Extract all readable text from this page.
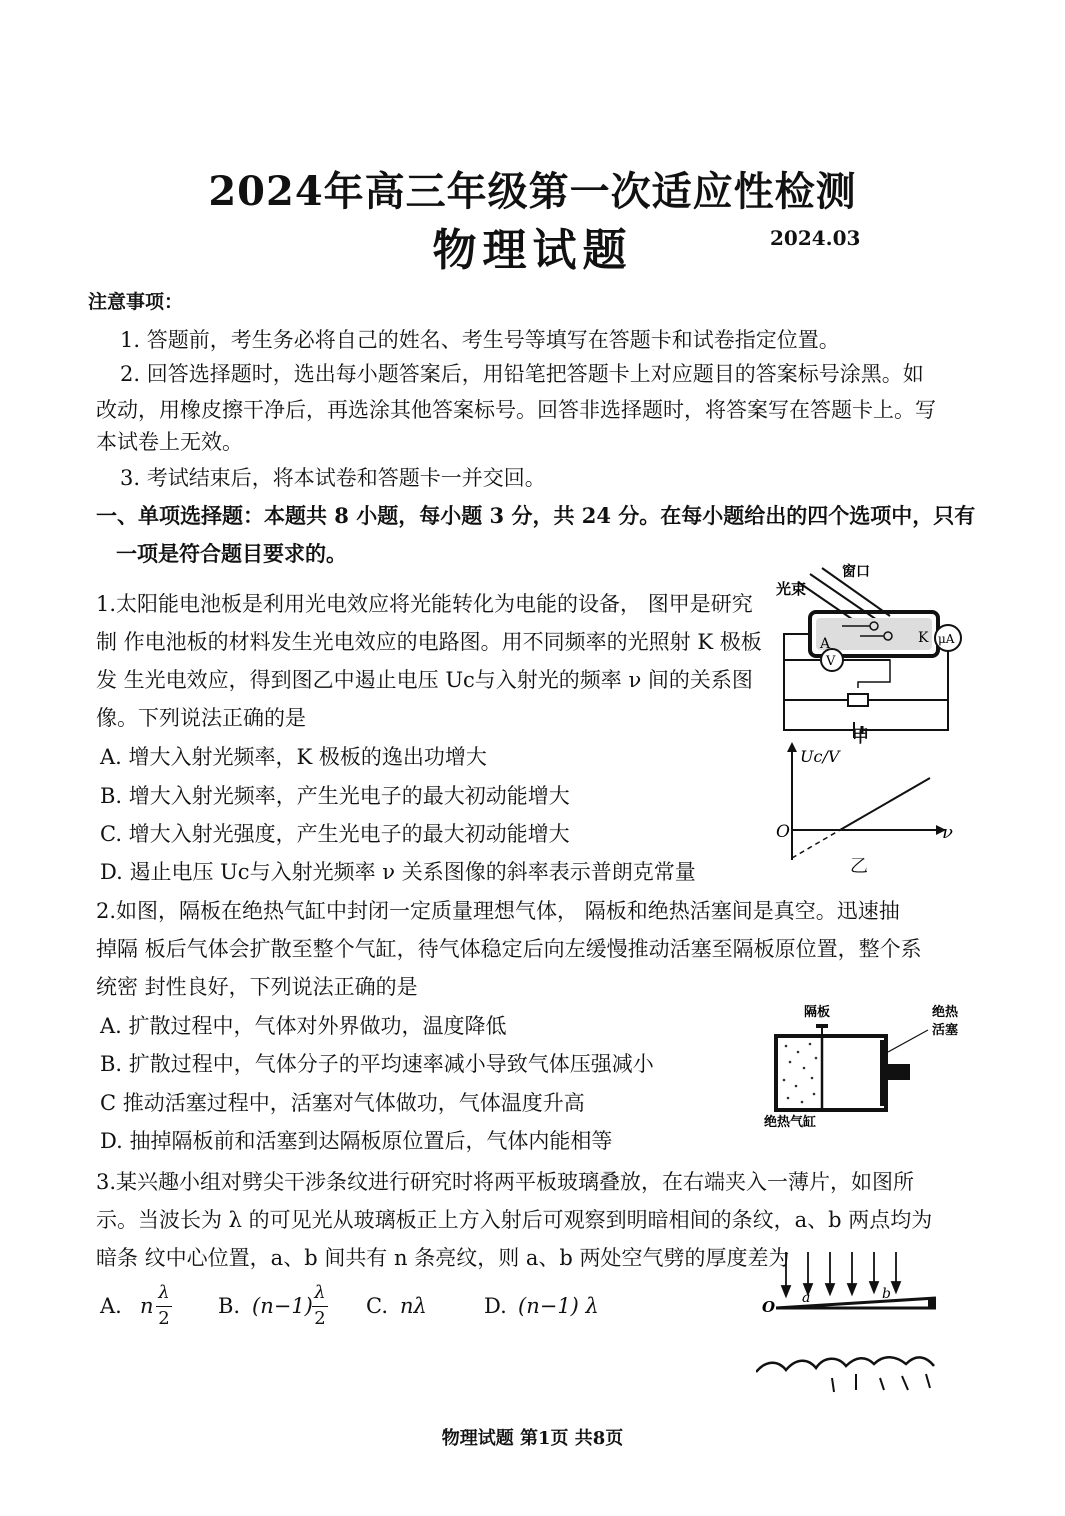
2024年高三年级第一次适应性检测
物理试题	2024.03
注意事项：
1. 答题前，考生务必将自己的姓名、考生号等填写在答题卡和试卷指定位置。
2. 回答选择题时，选出每小题答案后，用铅笔把答题卡上对应题目的答案标号涂黑。如
改动，用橡皮擦干净后，再选涂其他答案标号。回答非选择题时，将答案写在答题卡上。写
本试卷上无效。
3. 考试结束后，将本试卷和答题卡一并交回。
一、单项选择题：本题共 8 小题，每小题 3 分，共 24 分。在每小题给出的四个选项中，只有
一项是符合题目要求的。
1.太阳能电池板是利用光电效应将光能转化为电能的设备， 图甲是研究
制 作电池板的材料发生光电效应的电路图。用不同频率的光照射 K 极板
发 生光电效应，得到图乙中遏止电压 Uc与入射光的频率 ν 间的关系图
像。下列说法正确的是
A. 增大入射光频率，K 极板的逸出功增大
B. 增大入射光频率，产生光电子的最大初动能增大
C. 增大入射光强度，产生光电子的最大初动能增大
D. 遏止电压 Uc与入射光频率 ν 关系图像的斜率表示普朗克常量
光束
窗口
A	K μA
V
甲
Uc/V
ν
O
乙
2.如图，隔板在绝热气缸中封闭一定质量理想气体， 隔板和绝热活塞间是真空。迅速抽
掉隔 板后气体会扩散至整个气缸，待气体稳定后向左缓慢推动活塞至隔板原位置，整个系
统密 封性良好，下列说法正确的是
A. 扩散过程中，气体对外界做功，温度降低
B. 扩散过程中，气体分子的平均速率减小导致气体压强减小
C 推动活塞过程中，活塞对气体做功，气体温度升高
D. 抽掉隔板前和活塞到达隔板原位置后，气体内能相等
隔板	绝热
活塞
绝热气缸
3.某兴趣小组对劈尖干涉条纹进行研究时将两平板玻璃叠放，在右端夹入一薄片，如图所
示。当波长为 λ 的可见光从玻璃板正上方入射后可观察到明暗相间的条纹，a、b 两点均为
暗条 纹中心位置，a、b 间共有 n 条亮纹，则 a、b 两处空气劈的厚度差为
A. n
λ
2
B. (n−1)
λ
2
C. nλ	D. (n−1) λ	O a	b
物理试题 第1页 共8页
